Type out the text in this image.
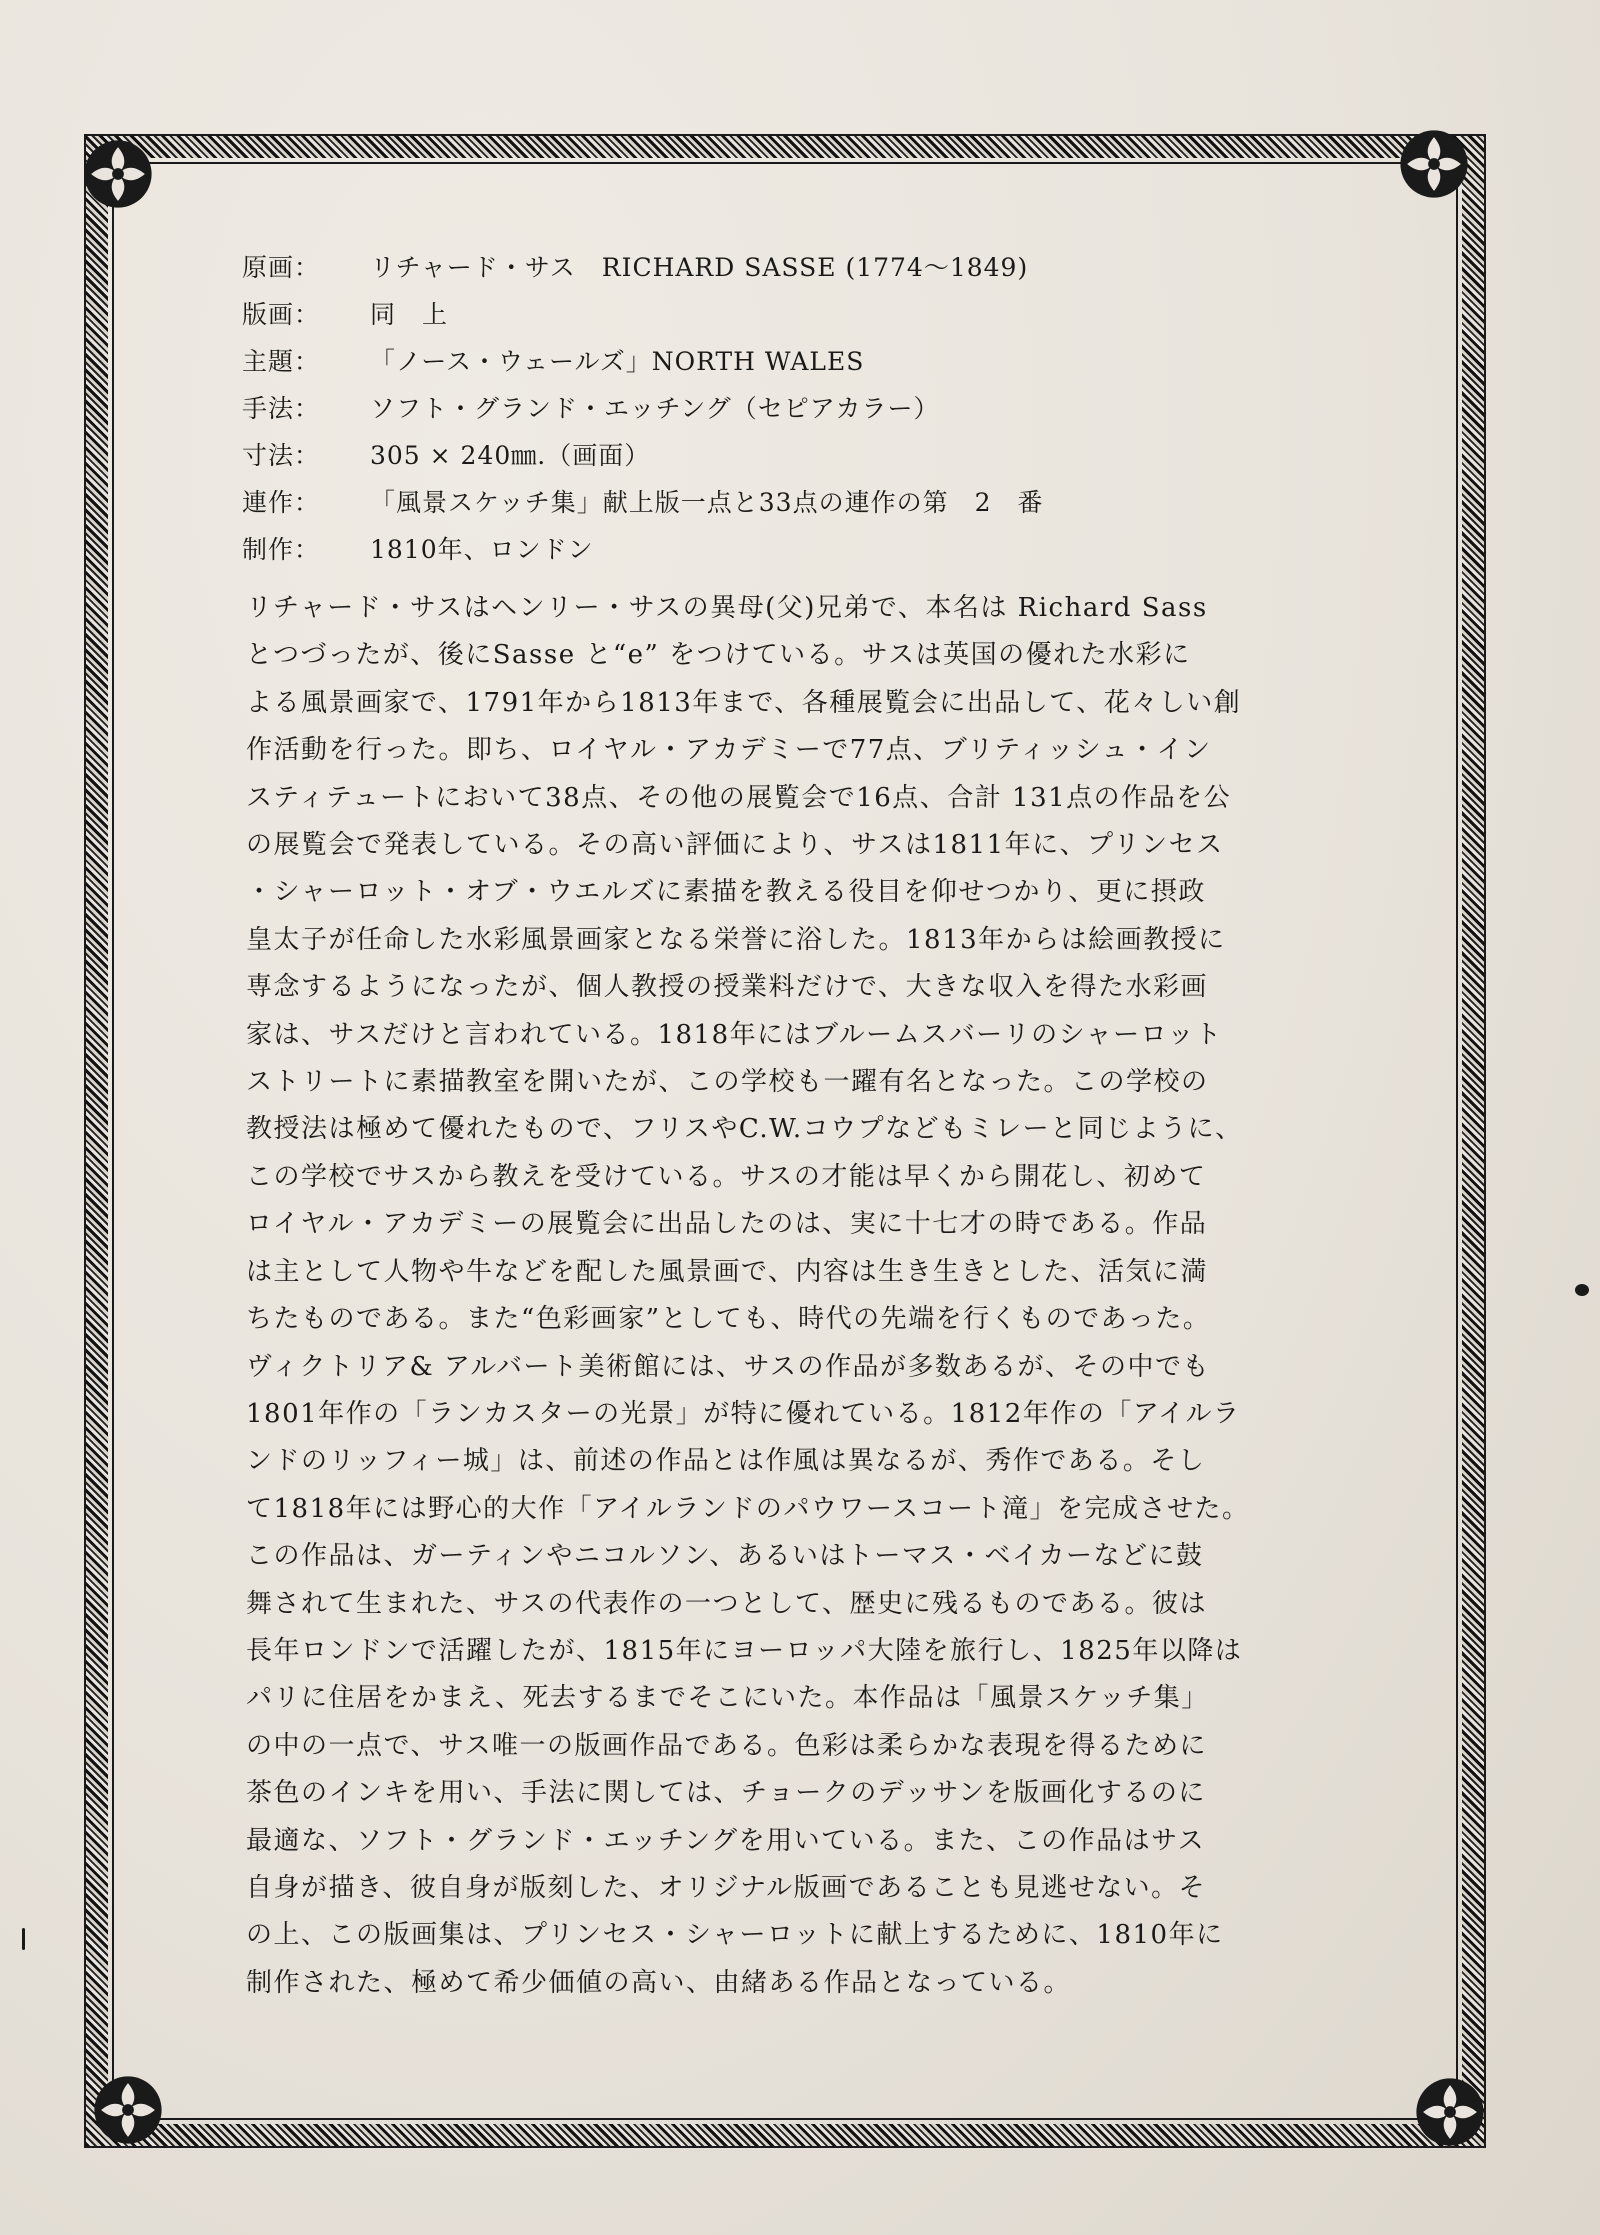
原画：	リチャード・サス　RICHARD SASSE (1774〜1849)
版画：	同　上
主題：	「ノース・ウェールズ」NORTH WALES
手法：	ソフト・グランド・エッチング（セピアカラー）
寸法：	305 × 240㎜.（画面）
連作：	「風景スケッチ集」献上版一点と33点の連作の第　2　番
制作：	1810年、ロンドン
リチャード・サスはヘンリー・サスの異母(父)兄弟で、本名は Richard Sass
とつづったが、後にSasse と“e” をつけている。サスは英国の優れた水彩に
よる風景画家で、1791年から1813年まで、各種展覧会に出品して、花々しい創
作活動を行った。即ち、ロイヤル・アカデミーで77点、ブリティッシュ・イン
スティテュートにおいて38点、その他の展覧会で16点、合計 131点の作品を公
の展覧会で発表している。その高い評価により、サスは1811年に、プリンセス
・シャーロット・オブ・ウエルズに素描を教える役目を仰せつかり、更に摂政
皇太子が任命した水彩風景画家となる栄誉に浴した。1813年からは絵画教授に
専念するようになったが、個人教授の授業料だけで、大きな収入を得た水彩画
家は、サスだけと言われている。1818年にはブルームスバーリのシャーロット
ストリートに素描教室を開いたが、この学校も一躍有名となった。この学校の
教授法は極めて優れたもので、フリスやC.W.コウプなどもミレーと同じように、
この学校でサスから教えを受けている。サスの才能は早くから開花し、初めて
ロイヤル・アカデミーの展覧会に出品したのは、実に十七才の時である。作品
は主として人物や牛などを配した風景画で、内容は生き生きとした、活気に満
ちたものである。また“色彩画家”としても、時代の先端を行くものであった。
ヴィクトリア& アルバート美術館には、サスの作品が多数あるが、その中でも
1801年作の「ランカスターの光景」が特に優れている。1812年作の「アイルラ
ンドのリッフィー城」は、前述の作品とは作風は異なるが、秀作である。そし
て1818年には野心的大作「アイルランドのパウワースコート滝」を完成させた。
この作品は、ガーティンやニコルソン、あるいはトーマス・ベイカーなどに鼓
舞されて生まれた、サスの代表作の一つとして、歴史に残るものである。彼は
長年ロンドンで活躍したが、1815年にヨーロッパ大陸を旅行し、1825年以降は
パリに住居をかまえ、死去するまでそこにいた。本作品は「風景スケッチ集」
の中の一点で、サス唯一の版画作品である。色彩は柔らかな表現を得るために
茶色のインキを用い、手法に関しては、チョークのデッサンを版画化するのに
最適な、ソフト・グランド・エッチングを用いている。また、この作品はサス
自身が描き、彼自身が版刻した、オリジナル版画であることも見逃せない。そ
の上、この版画集は、プリンセス・シャーロットに献上するために、1810年に
制作された、極めて希少価値の高い、由緒ある作品となっている。
